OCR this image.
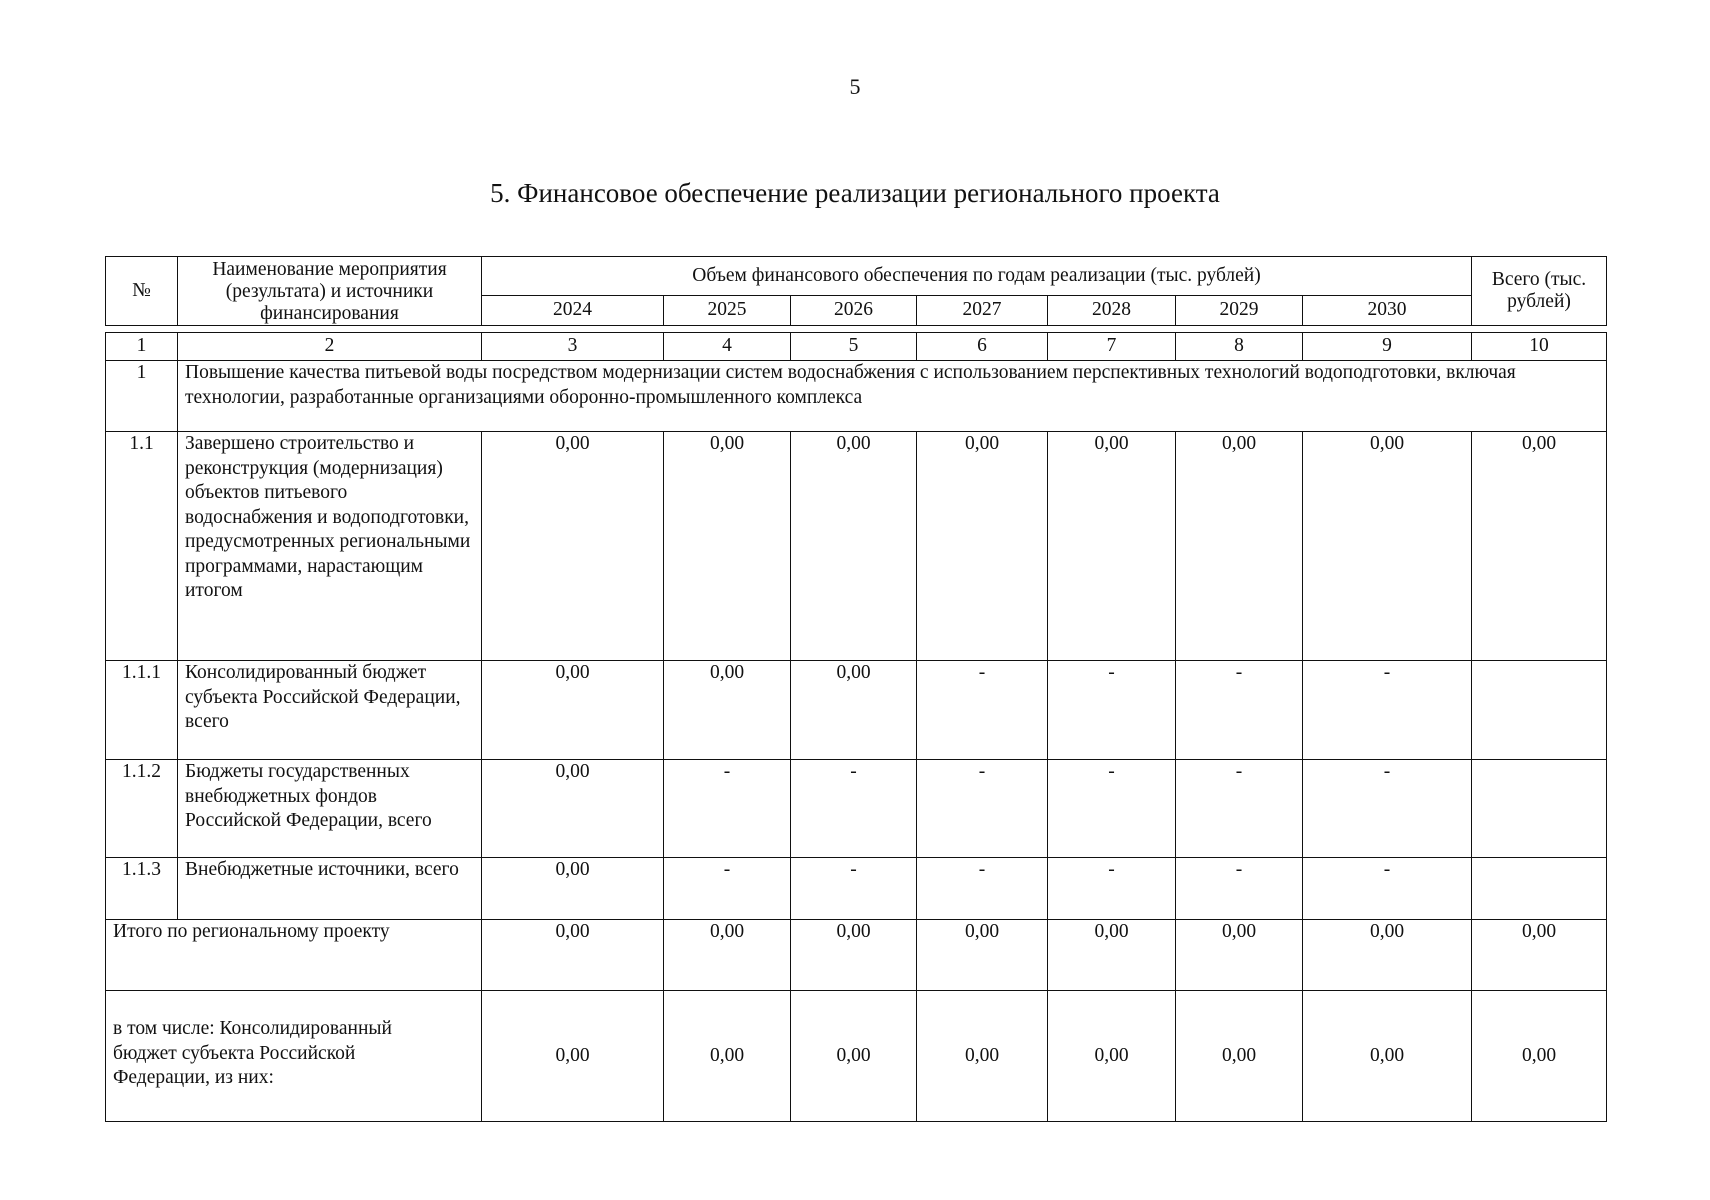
5
5. Финансовое обеспечение реализации регионального проекта
№	Наименование мероприятия (результата) и источники финансирования	Объем финансового обеспечения по годам реализации (тыс. рублей)							Всего (тыс. рублей)
		2024	2025	2026	2027	2028	2029	2030	

1	2	3	4	5	6	7	8	9	10
1	Повышение качества питьевой воды посредством модернизации систем водоснабжения с использованием перспективных технологий водоподготовки, включая технологии, разработанные организациями оборонно-промышленного комплекса								
1.1	Завершено строительство и реконструкция (модернизация) объектов питьевого водоснабжения и водоподготовки, предусмотренных региональными программами, нарастающим итогом	0,00	0,00	0,00	0,00	0,00	0,00	0,00	0,00
1.1.1	Консолидированный бюджет субъекта Российской Федерации, всего	0,00	0,00	0,00	-	-	-	-	
1.1.2	Бюджеты государственных внебюджетных фондов Российской Федерации, всего	0,00	-	-	-	-	-	-	
1.1.3	Внебюджетные источники, всего	0,00	-	-	-	-	-	-	
Итого по региональному проекту		0,00	0,00	0,00	0,00	0,00	0,00	0,00	0,00

в том числе: Консолидированный бюджет субъекта Российской Федерации, из них:		0,00	0,00	0,00	0,00	0,00	0,00	0,00	0,00
